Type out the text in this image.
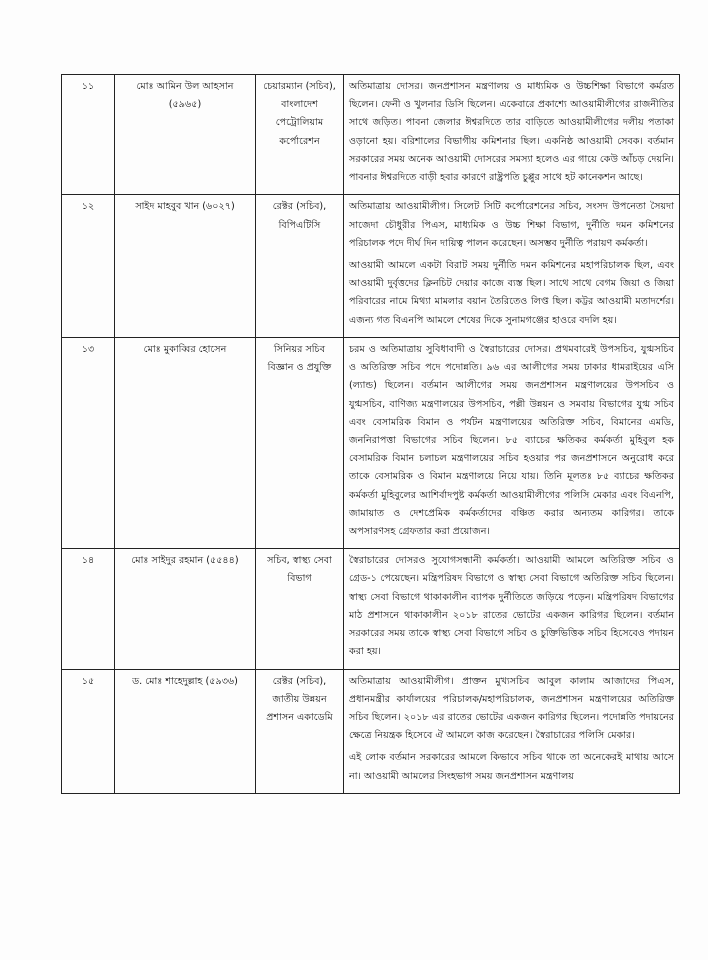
১১	মোঃ আমিন উল আহসান (৫৯৬৫)	চেয়ারম্যান (সচিব), বাংলাদেশ পেট্রোলিয়াম কর্পোরেশন	অতিমাত্রায় দোসর। জনপ্রশাসন মন্ত্রণালয় ও মাধ্যমিক ও উচ্চশিক্ষা বিভাগে কর্মরত ছিলেন। ফেনী ও খুলনার ডিসি ছিলেন। একেবারে প্রকাশ্যে আওয়ামীলীগের রাজনীতির সাথে জড়িত। পাবনা জেলার ঈশ্বরদিতে তার বাড়িতে আওয়ামীলীগের দলীয় পতাকা ওড়ানো হয়। বরিশালের বিভাগীয় কমিশনার ছিল। একনিষ্ঠ আওয়ামী সেবক। বর্তমান সরকারের সময় অনেক আওয়ামী দোসরের সমস্যা হলেও এর গায়ে কেউ আঁচড় দেয়নি। পাবনার ঈশ্বরদিতে বাড়ী হবার কারণে রাষ্ট্রপতি চুপ্পুর সাথে হট কানেকশন আছে।

১২	সাইদ মাহবুব খান (৬০২৭)	রেক্টর (সচিব), বিপিএটিসি	অতিমাত্রায় আওয়ামীলীগ। সিলেট সিটি কর্পোরেশনের সচিব, সংসদ উপনেতা সৈয়দা সাজেদা চৌধুরীর পিএস, মাধ্যমিক ও উচ্চ শিক্ষা বিভাগ, দুর্নীতি দমন কমিশনের পরিচালক পদে দীর্ঘ দিন দায়িত্ব পালন করেছেন। অসম্ভব দুর্নীতি পরায়ণ কর্মকর্তা।

আওয়ামী আমলে একটা বিরাট সময় দুর্নীতি দমন কমিশনের মহাপরিচালক ছিল, এবং আওয়ামী দুর্বৃত্তদের ক্লিনচিট দেয়ার কাজে ব্যস্ত ছিল। সাথে সাথে বেগম জিয়া ও জিয়া পরিবারের নামে মিথ্যা মামলার বয়ান তৈরিতেও লিপ্ত ছিল। কট্টর আওয়ামী মতাদর্শের। এজন্য গত বিএনপি আমলে শেষের দিকে সুনামগঞ্জের হাওরে বদলি হয়।

১৩	মোঃ মুকাব্বির হোসেন	সিনিয়র সচিব বিজ্ঞান ও প্রযুক্তি	চরম ও অতিমাত্রায় সুবিধাবাদী ও স্বৈরাচারের দোসর। প্রথমবারেই উপসচিব, যুগ্মসচিব ও অতিরিক্ত সচিব পদে পদোন্নতি। ৯৬ এর আলীগের সময় ঢাকার ধামরাইয়ের এসি (ল্যান্ড) ছিলেন। বর্তমান আলীগের সময় জনপ্রশাসন মন্ত্রণালয়ের উপসচিব ও যুগ্মসচিব, বাণিজ্য মন্ত্রণালয়ের উপসচিব, পল্লী উন্নয়ন ও সমবায় বিভাগের যুগ্ম সচিব এবং বেসামরিক বিমান ও পর্যটন মন্ত্রণালয়ের অতিরিক্ত সচিব, বিমানের এমডি, জননিরাপত্তা বিভাগের সচিব ছিলেন। ৮৫ ব্যাচের ক্ষতিকর কর্মকর্তা মুহিবুল হক বেসামরিক বিমান চলাচল মন্ত্রণালয়ের সচিব হওয়ার পর জনপ্রশাসনে অনুরোধ করে তাকে বেসামরিক ও বিমান মন্ত্রণালয়ে নিয়ে যায়। তিনি মূলতঃ ৮৫ ব্যাচের ক্ষতিকর কর্মকর্তা মুহিবুলের আশির্বাদপুষ্ট কর্মকর্তা আওয়ামীলীগের পলিসি মেকার এবং বিএনপি, জামায়াত ও দেশপ্রেমিক কর্মকর্তাদের বঞ্চিত করার অন্যতম কারিগর। তাকে অপসারণসহ গ্রেফতার করা প্রয়োজন।

১৪	মোঃ সাইদুর রহমান (৫৫৪৪)	সচিব, স্বাস্থ্য সেবা বিভাগ	স্বৈরাচারের দোসরও সুযোগসন্ধানী কর্মকর্তা। আওয়ামী আমলে অতিরিক্ত সচিব ও গ্রেড-১ পেয়েছেন। মন্ত্রিপরিষদ বিভাগে ও স্বাস্থ্য সেবা বিভাগে অতিরিক্ত সচিব ছিলেন। স্বাস্থ্য সেবা বিভাগে থাকাকালীন ব্যাপক দুর্নীতিতে জড়িয়ে পড়েন। মন্ত্রিপরিষদ বিভাগের মাঠ প্রশাসনে থাকাকালীন ২০১৮ রাতের ভোটের একজন কারিগর ছিলেন। বর্তমান সরকারের সময় তাকে স্বাস্থ্য সেবা বিভাগে সচিব ও চুক্তিভিত্তিক সচিব হিসেবেও পদায়ন করা হয়।

১৫	ড. মোঃ শাহেদুল্লাহ (৫৯৩৬)	রেক্টর (সচিব), জাতীয় উন্নয়ন প্রশাসন একাডেমি	অতিমাত্রায় আওয়ামীলীগ। প্রাক্তন মুখ্যসচিব আবুল কালাম আজাদের পিএস, প্রধানমন্ত্রীর কার্যালয়ের পরিচালক/মহাপরিচালক, জনপ্রশাসন মন্ত্রণালয়ের অতিরিক্ত সচিব ছিলেন। ২০১৮ এর রাতের ভোটের একজন কারিগর ছিলেন। পদোন্নতি পদায়নের ক্ষেত্রে নিয়ন্ত্রক হিসেবে ঐ আমলে কাজ করেছেন। স্বৈরাচারের পলিসি মেকার।

এই লোক বর্তমান সরকারের আমলে কিভাবে সচিব থাকে তা অনেকেরই মাথায় আসে না। আওয়ামী আমলের সিংহভাগ সময় জনপ্রশাসন মন্ত্রণালয়
